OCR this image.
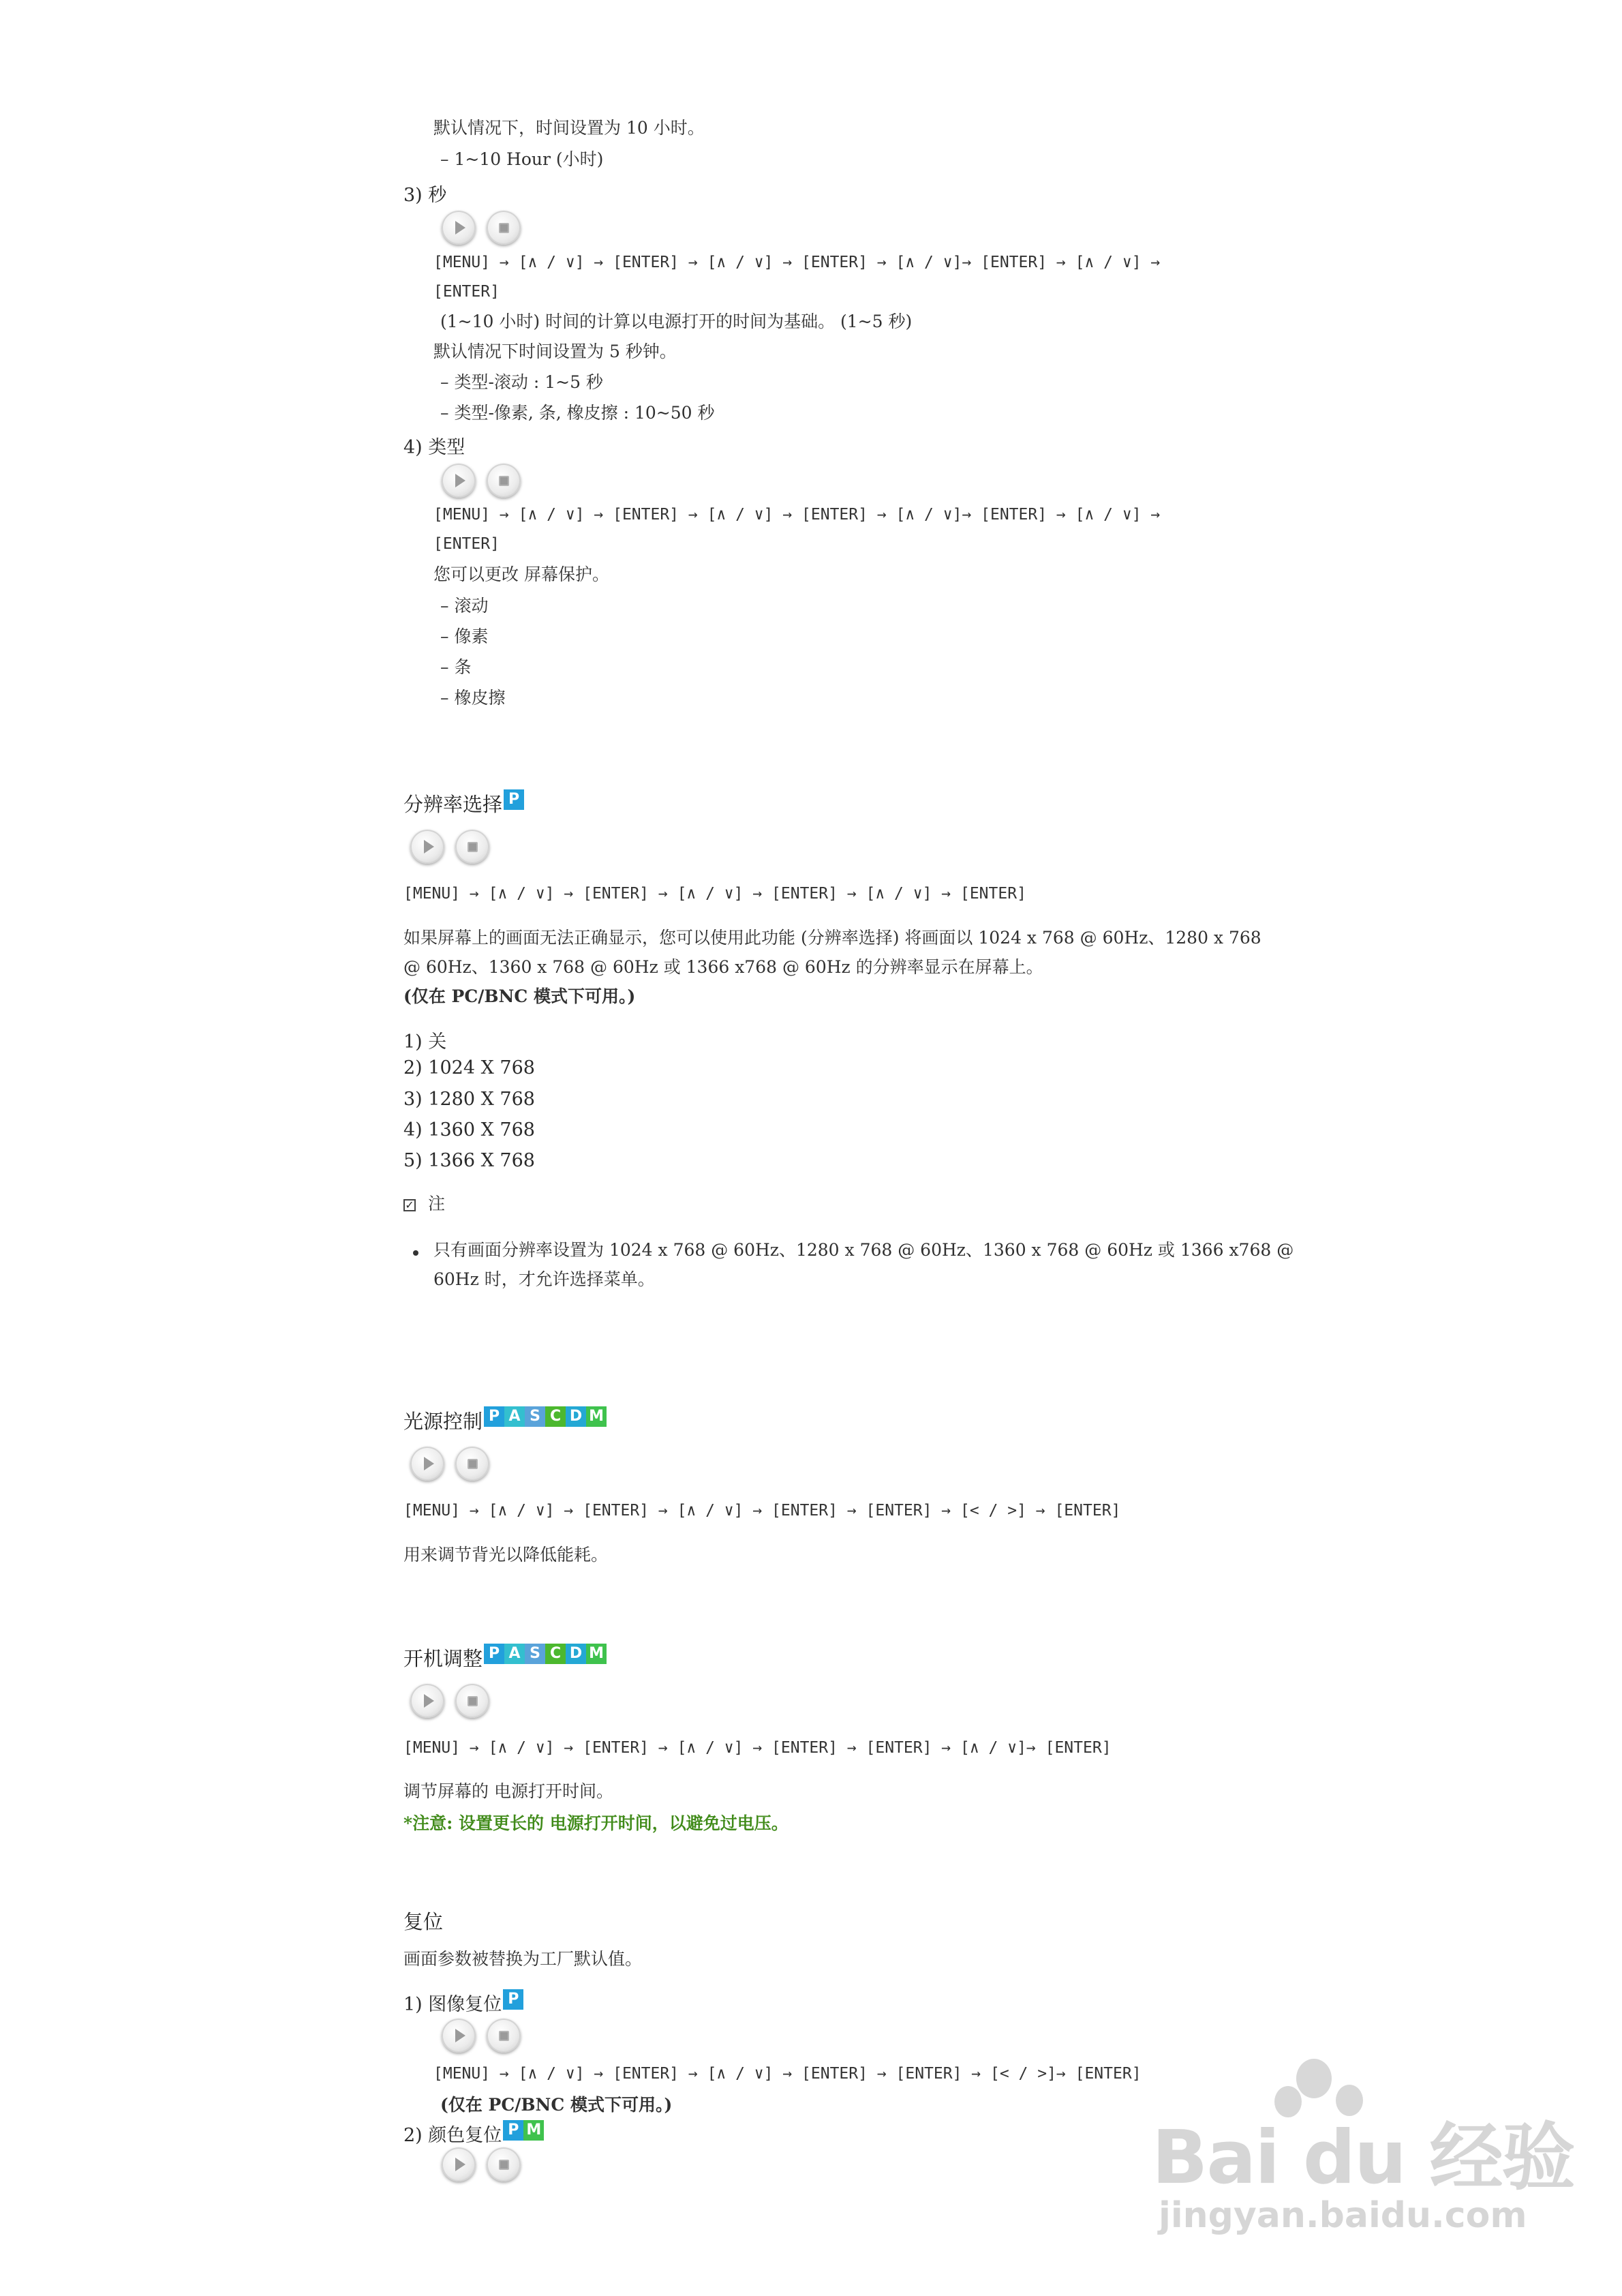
默认情况下，时间设置为 10 小时。
– 1~10 Hour (小时)
3) 秒
[MENU] → [∧ / ∨] → [ENTER] → [∧ / ∨] → [ENTER] → [∧ / ∨]→ [ENTER] → [∧ / ∨] →
[ENTER]
(1~10 小时) 时间的计算以电源打开的时间为基础。 (1~5 秒)
默认情况下时间设置为 5 秒钟。
– 类型-滚动 : 1~5 秒
– 类型-像素, 条, 橡皮擦 : 10~50 秒
4) 类型
[MENU] → [∧ / ∨] → [ENTER] → [∧ / ∨] → [ENTER] → [∧ / ∨]→ [ENTER] → [∧ / ∨] →
[ENTER]
您可以更改 屏幕保护。
– 滚动
– 像素
– 条
– 橡皮擦
分辨率选择 P
[MENU] → [∧ / ∨] → [ENTER] → [∧ / ∨] → [ENTER] → [∧ / ∨] → [ENTER]
如果屏幕上的画面无法正确显示，您可以使用此功能 (分辨率选择) 将画面以 1024 x 768 @ 60Hz、1280 x 768
@ 60Hz、1360 x 768 @ 60Hz 或 1366 x768 @ 60Hz 的分辨率显示在屏幕上。
(仅在 PC/BNC 模式下可用。)
1) 关
2) 1024 X 768
3) 1280 X 768
4) 1360 X 768
5) 1366 X 768
✓ 注
只有画面分辨率设置为 1024 x 768 @ 60Hz、1280 x 768 @ 60Hz、1360 x 768 @ 60Hz 或 1366 x768 @
60Hz 时，才允许选择菜单。
光源控制 P A S C D M
[MENU] → [∧ / ∨] → [ENTER] → [∧ / ∨] → [ENTER] → [ENTER] → [< / >] → [ENTER]
用来调节背光以降低能耗。
开机调整 P A S C D M
[MENU] → [∧ / ∨] → [ENTER] → [∧ / ∨] → [ENTER] → [ENTER] → [∧ / ∨]→ [ENTER]
调节屏幕的 电源打开时间。
*注意: 设置更长的 电源打开时间，以避免过电压。
复位
画面参数被替换为工厂默认值。
1) 图像复位 P
[MENU] → [∧ / ∨] → [ENTER] → [∧ / ∨] → [ENTER] → [ENTER] → [< / >]→ [ENTER]
(仅在 PC/BNC 模式下可用。)
2) 颜色复位 P M	Bai du 经验
jingyan.baidu.com
